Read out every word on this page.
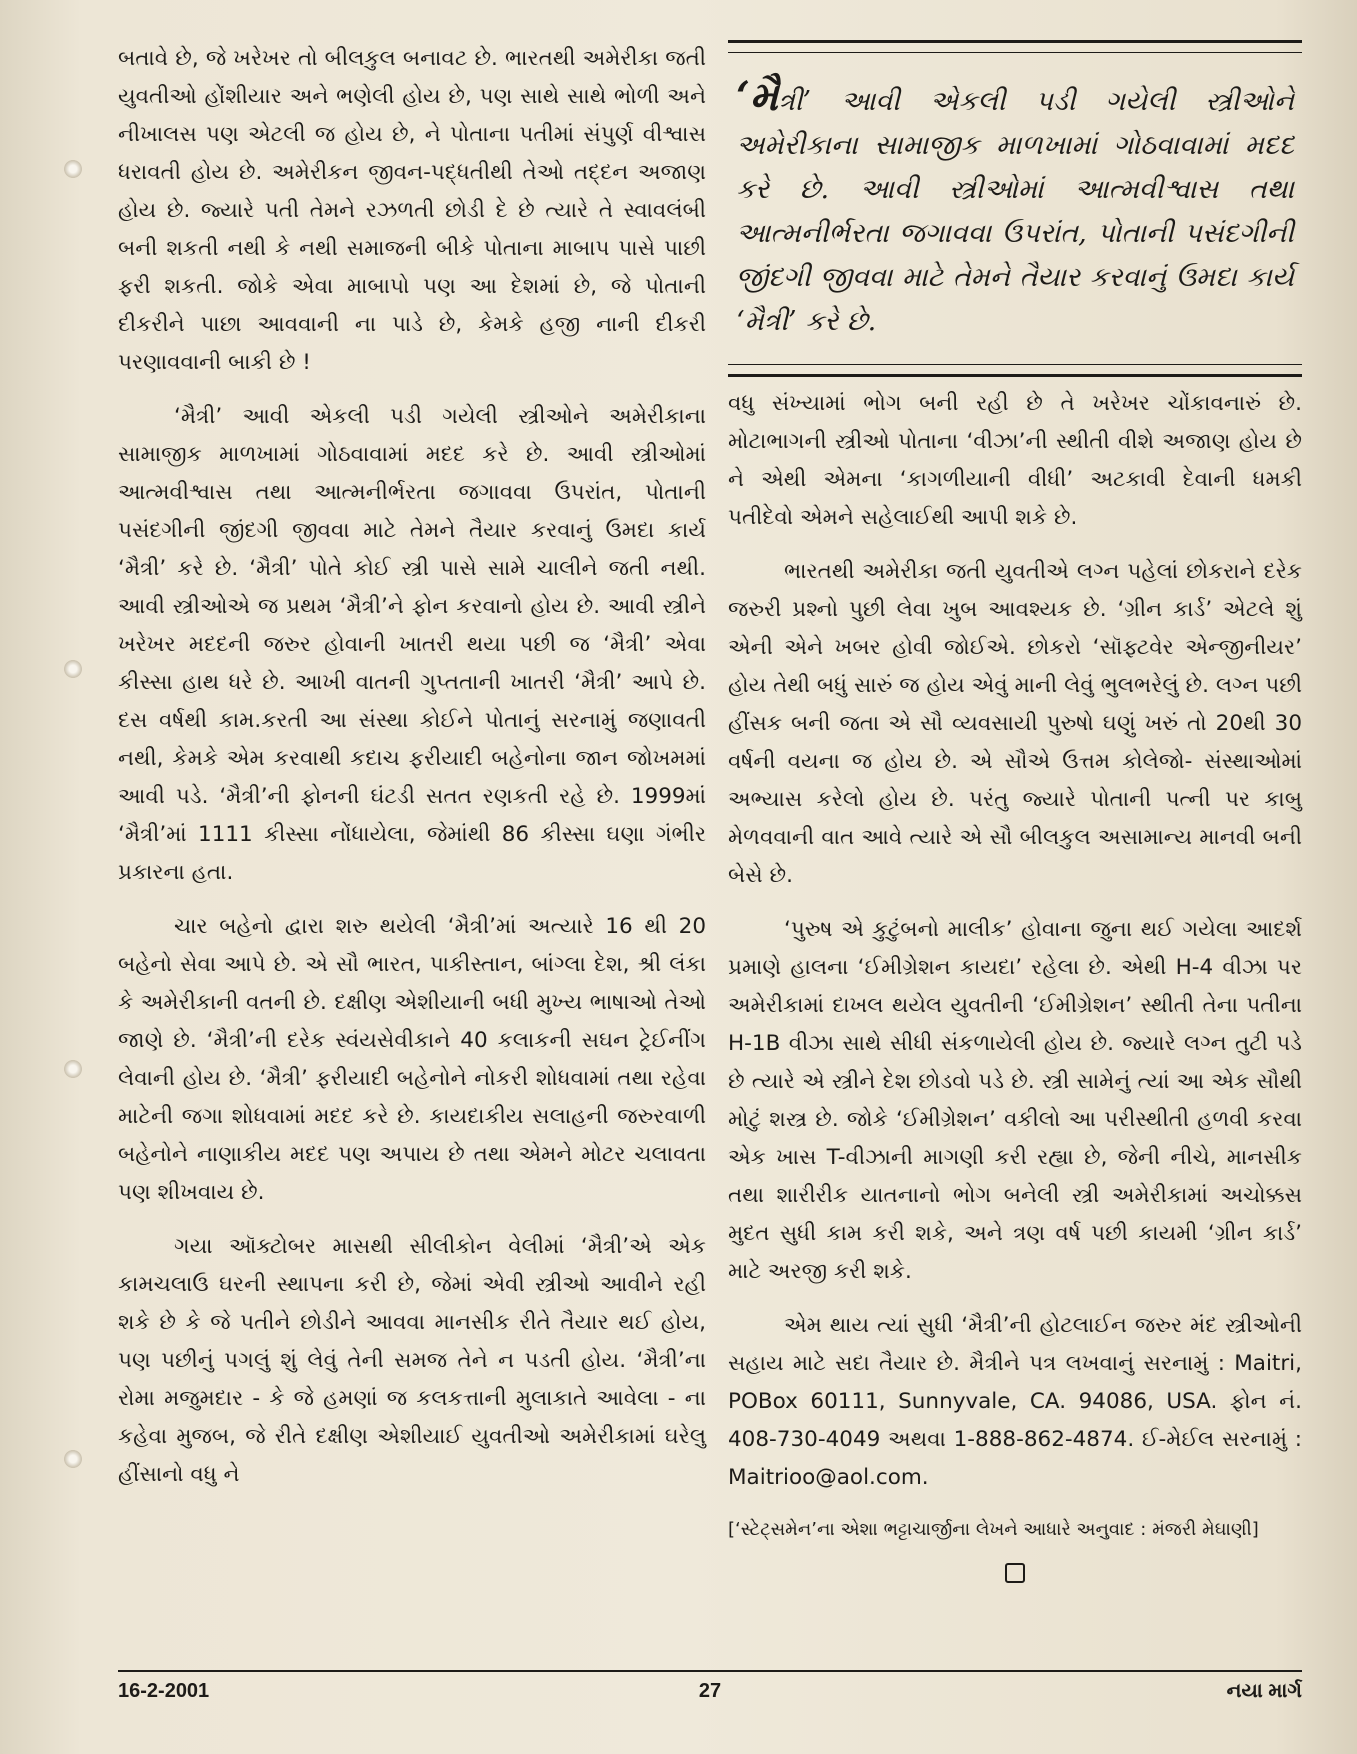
બતાવે છે, જે ખરેખર તો બીલકુલ બનાવટ છે. ભારતથી અમેરીકા જતી યુવતીઓ હોંશીયાર અને ભણેલી હોય છે, પણ સાથે સાથે ભોળી અને નીખાલસ પણ એટલી જ હોય છે, ને પોતાના પતીમાં સંપુર્ણ વીશ્વાસ ધરાવતી હોય છે. અમેરીકન જીવન-પદ્ધતીથી તેઓ તદ્દન અજાણ હોય છે. જ્યારે પતી તેમને રઝળતી છોડી દે છે ત્યારે તે સ્વાવલંબી બની શકતી નથી કે નથી સમાજની બીકે પોતાના માબાપ પાસે પાછી ફરી શકતી. જોકે એવા માબાપો પણ આ દેશમાં છે, જે પોતાની દીકરીને પાછા આવવાની ના પાડે છે, કેમકે હજી નાની દીકરી પરણાવવાની બાકી છે !

‘મૈત્રી’ આવી એકલી પડી ગયેલી સ્ત્રીઓને અમેરીકાના સામાજીક માળખામાં ગોઠવાવામાં મદદ કરે છે. આવી સ્ત્રીઓમાં આત્મવીશ્વાસ તથા આત્મનીર્ભરતા જગાવવા ઉપરાંત, પોતાની પસંદગીની જીંદગી જીવવા માટે તેમને તૈયાર કરવાનું ઉમદા કાર્ય ‘મૈત્રી’ કરે છે. ‘મૈત્રી’ પોતે કોઈ સ્ત્રી પાસે સામે ચાલીને જતી નથી. આવી સ્ત્રીઓએ જ પ્રથમ ‘મૈત્રી’ને ફોન કરવાનો હોય છે. આવી સ્ત્રીને ખરેખર મદદની જરુર હોવાની ખાતરી થયા પછી જ ‘મૈત્રી’ એવા કીસ્સા હાથ ધરે છે. આખી વાતની ગુપ્તતાની ખાતરી ‘મૈત્રી’ આપે છે. દસ વર્ષથી કામ.કરતી આ સંસ્થા કોઈને પોતાનું સરનામું જણાવતી નથી, કેમકે એમ કરવાથી કદાચ ફરીયાદી બહેનોના જાન જોખમમાં આવી પડે. ‘મૈત્રી’ની ફોનની ઘંટડી સતત રણકતી રહે છે. 1999માં ‘મૈત્રી’માં 1111 કીસ્સા નોંધાયેલા, જેમાંથી 86 કીસ્સા ઘણા ગંભીર પ્રકારના હતા.

ચાર બહેનો દ્વારા શરુ થયેલી ‘મૈત્રી’માં અત્યારે 16 થી 20 બહેનો સેવા આપે છે. એ સૌ ભારત, પાકીસ્તાન, બાંગ્લા દેશ, શ્રી લંકા કે અમેરીકાની વતની છે. દક્ષીણ એશીયાની બધી મુખ્ય ભાષાઓ તેઓ જાણે છે. ‘મૈત્રી’ની દરેક સ્વંયસેવીકાને 40 કલાકની સઘન ટ્રેઈનીંગ લેવાની હોય છે. ‘મૈત્રી’ ફરીયાદી બહેનોને નોકરી શોધવામાં તથા રહેવા માટેની જગા શોધવામાં મદદ કરે છે. કાયદાકીય સલાહની જરુરવાળી બહેનોને નાણાકીય મદદ પણ અપાય છે તથા એમને મોટર ચલાવતા પણ શીખવાય છે.

ગયા ઑક્ટોબર માસથી સીલીકોન વેલીમાં ‘મૈત્રી’એ એક કામચલાઉ ઘરની સ્થાપના કરી છે, જેમાં એવી સ્ત્રીઓ આવીને રહી શકે છે કે જે પતીને છોડીને આવવા માનસીક રીતે તૈયાર થઈ હોય, પણ પછીનું પગલું શું લેવું તેની સમજ તેને ન પડતી હોય. ‘મૈત્રી’ના રોમા મજુમદાર - કે જે હમણાં જ કલકત્તાની મુલાકાતે આવેલા - ના કહેવા મુજબ, જે રીતે દક્ષીણ એશીયાઈ યુવતીઓ અમેરીકામાં ઘરેલુ હીંસાનો વધુ ને

‘મૈત્રી’ આવી એકલી પડી ગયેલી સ્ત્રીઓને અમેરીકાના સામાજીક માળખામાં ગોઠવાવામાં મદદ કરે છે. આવી સ્ત્રીઓમાં આત્મવીશ્વાસ તથા આત્મનીર્ભરતા જગાવવા ઉપરાંત, પોતાની પસંદગીની જીંદગી જીવવા માટે તેમને તૈયાર કરવાનું ઉમદા કાર્ય ‘મૈત્રી’ કરે છે.

વધુ સંખ્યામાં ભોગ બની રહી છે તે ખરેખર ચોંકાવનારું છે. મોટાભાગની સ્ત્રીઓ પોતાના ‘વીઝા’ની સ્થીતી વીશે અજાણ હોય છે ને એથી એમના ‘કાગળીયાની વીધી’ અટકાવી દેવાની ધમકી પતીદેવો એમને સહેલાઈથી આપી શકે છે.

ભારતથી અમેરીકા જતી યુવતીએ લગ્ન પહેલાં છોકરાને દરેક જરુરી પ્રશ્નો પુછી લેવા ખુબ આવશ્યક છે. ‘ગ્રીન કાર્ડ’ એટલે શું એની એને ખબર હોવી જોઈએ. છોકરો ‘સૉફ્ટવેર એન્જીનીયર’ હોય તેથી બધું સારું જ હોય એવું માની લેવું ભુલભરેલું છે. લગ્ન પછી હીંસક બની જતા એ સૌ વ્યવસાયી પુરુષો ઘણું ખરું તો 20થી 30 વર્ષની વયના જ હોય છે. એ સૌએ ઉત્તમ કોલેજો- સંસ્થાઓમાં અભ્યાસ કરેલો હોય છે. પરંતુ જ્યારે પોતાની પત્ની પર કાબુ મેળવવાની વાત આવે ત્યારે એ સૌ બીલકુલ અસામાન્ય માનવી બની બેસે છે.

‘પુરુષ એ કુટુંબનો માલીક’ હોવાના જુના થઈ ગયેલા આદર્શ પ્રમાણે હાલના ‘ઈમીગ્રેશન કાયદા’ રહેલા છે. એથી H-4 વીઝા પર અમેરીકામાં દાખલ થયેલ યુવતીની ‘ઈમીગ્રેશન’ સ્થીતી તેના પતીના H-1B વીઝા સાથે સીધી સંકળાયેલી હોય છે. જ્યારે લગ્ન તુટી પડે છે ત્યારે એ સ્ત્રીને દેશ છોડવો પડે છે. સ્ત્રી સામેનું ત્યાં આ એક સૌથી મોટું શસ્ત્ર છે. જોકે ‘ઈમીગ્રેશન’ વકીલો આ પરીસ્થીતી હળવી કરવા એક ખાસ T-વીઝાની માગણી કરી રહ્યા છે, જેની નીચે, માનસીક તથા શારીરીક યાતનાનો ભોગ બનેલી સ્ત્રી અમેરીકામાં અચોક્કસ મુદત સુધી કામ કરી શકે, અને ત્રણ વર્ષ પછી કાયમી ‘ગ્રીન કાર્ડ’ માટે અરજી કરી શકે.

એમ થાય ત્યાં સુધી ‘મૈત્રી’ની હોટલાઈન જરુર મંદ સ્ત્રીઓની સહાય માટે સદા તૈયાર છે. મૈત્રીને પત્ર લખવાનું સરનામું : Maitri, POBox 60111, Sunnyvale, CA. 94086, USA. ફોન નં. 408-730-4049 અથવા 1-888-862-4874. ઈ-મેઈલ સરનામું : Maitrioo@aol.com.

[‘સ્ટેટ્સમેન’ના એશા ભટ્ટાચાર્જીના લેખને આધારે અનુવાદ : મંજરી મેઘાણી]

16-2-2001	27	નયા માર્ગ
